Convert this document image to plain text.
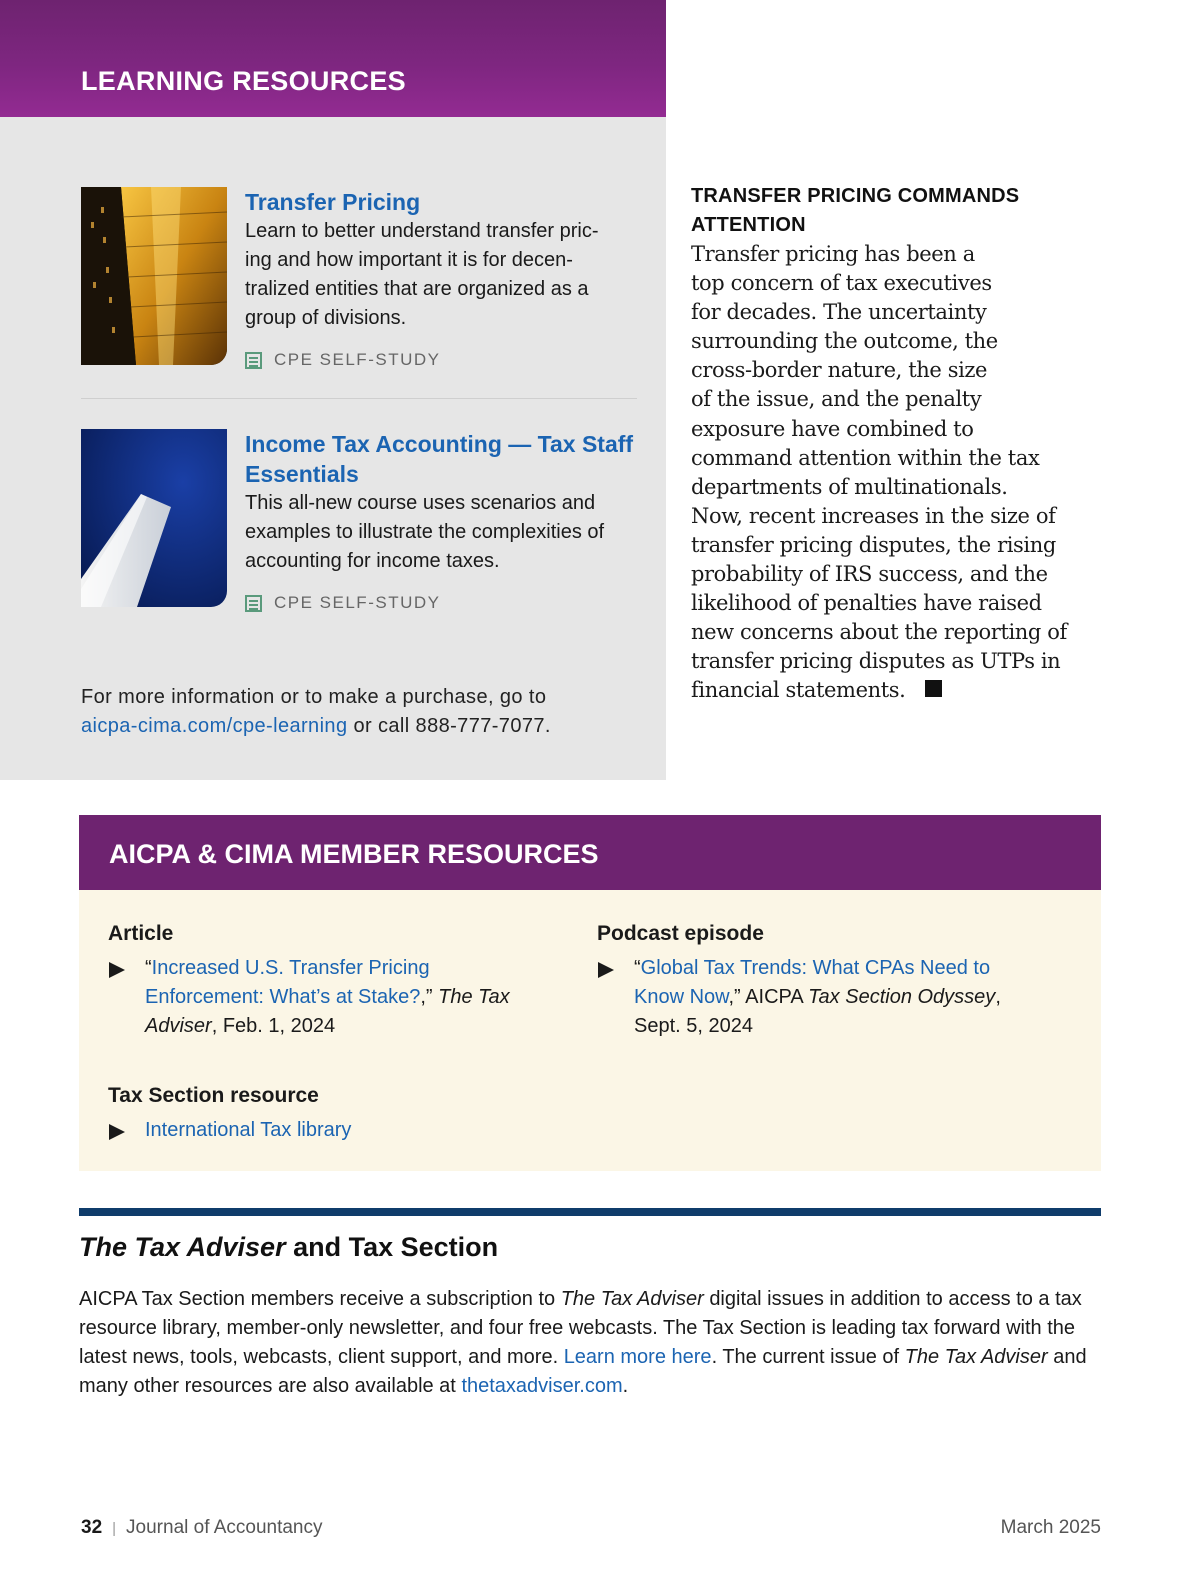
LEARNING RESOURCES
Transfer Pricing
Learn to better understand transfer pric-
ing and how important it is for decen-
tralized entities that are organized as a
group of divisions.
CPE SELF-STUDY
Income Tax Accounting — Tax Staff Essentials
This all-new course uses scenarios and examples to illustrate the complexities of accounting for income taxes.
CPE SELF-STUDY
For more information or to make a purchase, go to
aicpa-cima.com/cpe-learning or call 888-777-7077.
TRANSFER PRICING COMMANDS ATTENTION
Transfer pricing has been a
top concern of tax executives
for decades. The uncertainty
surrounding the outcome, the
cross-border nature, the size
of the issue, and the penalty
exposure have combined to
command attention within the tax
departments of multinationals.
Now, recent increases in the size of
transfer pricing disputes, the rising
probability of IRS success, and the
likelihood of penalties have raised
new concerns about the reporting of
transfer pricing disputes as UTPs in
financial statements.
AICPA & CIMA MEMBER RESOURCES
Article
“Increased U.S. Transfer Pricing Enforcement: What’s at Stake?,” The Tax Adviser, Feb. 1, 2024
Tax Section resource
International Tax library
Podcast episode
“Global Tax Trends: What CPAs Need to Know Now,” AICPA Tax Section Odyssey, Sept. 5, 2024
The Tax Adviser and Tax Section
AICPA Tax Section members receive a subscription to The Tax Adviser digital issues in addition to access to a tax resource library, member-only newsletter, and four free webcasts. The Tax Section is leading tax forward with the latest news, tools, webcasts, client support, and more. Learn more here. The current issue of The Tax Adviser and many other resources are also available at thetaxadviser.com.
32 | Journal of Accountancy	March 2025
